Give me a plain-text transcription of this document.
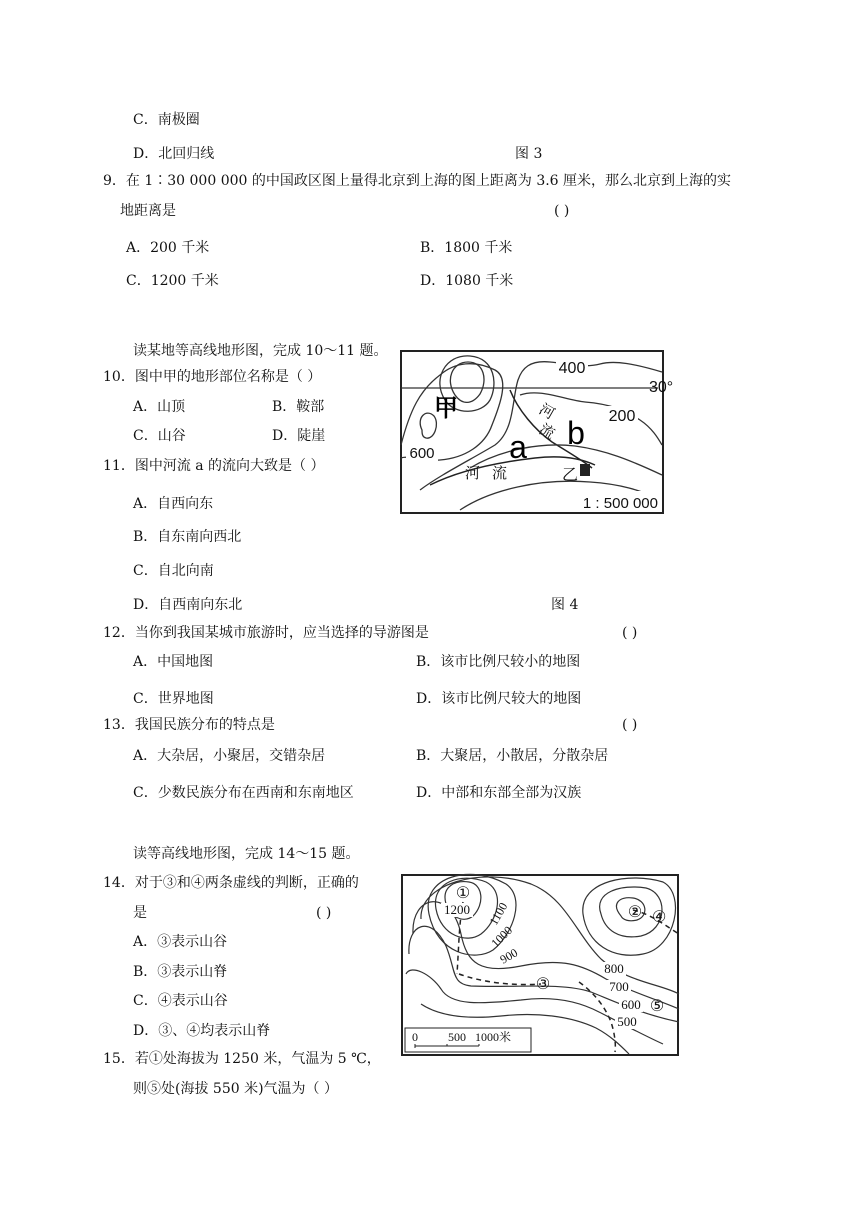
C．南极圈
D．北回归线	图 3
9．在 1∶30 000 000 的中国政区图上量得北京到上海的图上距离为 3.6 厘米，那么北京到上海的实
地距离是	( )
A．200 千米	B．1800 千米
C．1200 千米	D．1080 千米
读某地等高线地形图，完成 10～11 题。
10．图中甲的地形部位名称是（ ）
A．山顶	B．鞍部
C．山谷	D．陡崖
11．图中河流 a 的流向大致是（ ）
A．自西向东
B．自东南向西北
C．自北向南
D．自西南向东北	图 4
400
30°
200
600
甲	河
流
河 流
a b
乙
1 : 500 000
12．当你到我国某城市旅游时，应当选择的导游图是	( )
A．中国地图	B．该市比例尺较小的地图
C．世界地图	D．该市比例尺较大的地图
13．我国民族分布的特点是	( )
A．大杂居，小聚居，交错杂居	B．大聚居，小散居，分散杂居
C．少数民族分布在西南和东南地区	D．中部和东部全部为汉族
读等高线地形图，完成 14～15 题。
14．对于③和④两条虚线的判断，正确的
是	( )
A．③表示山谷
B．③表示山脊
C．④表示山谷
D．③、④均表示山脊
15．若①处海拔为 1250 米，气温为 5 ℃，
则⑤处(海拔 550 米)气温为（ ）
①
1200 1100
1000
900
② ④
800
③	700
600 ⑤
500
0	500 1000米
